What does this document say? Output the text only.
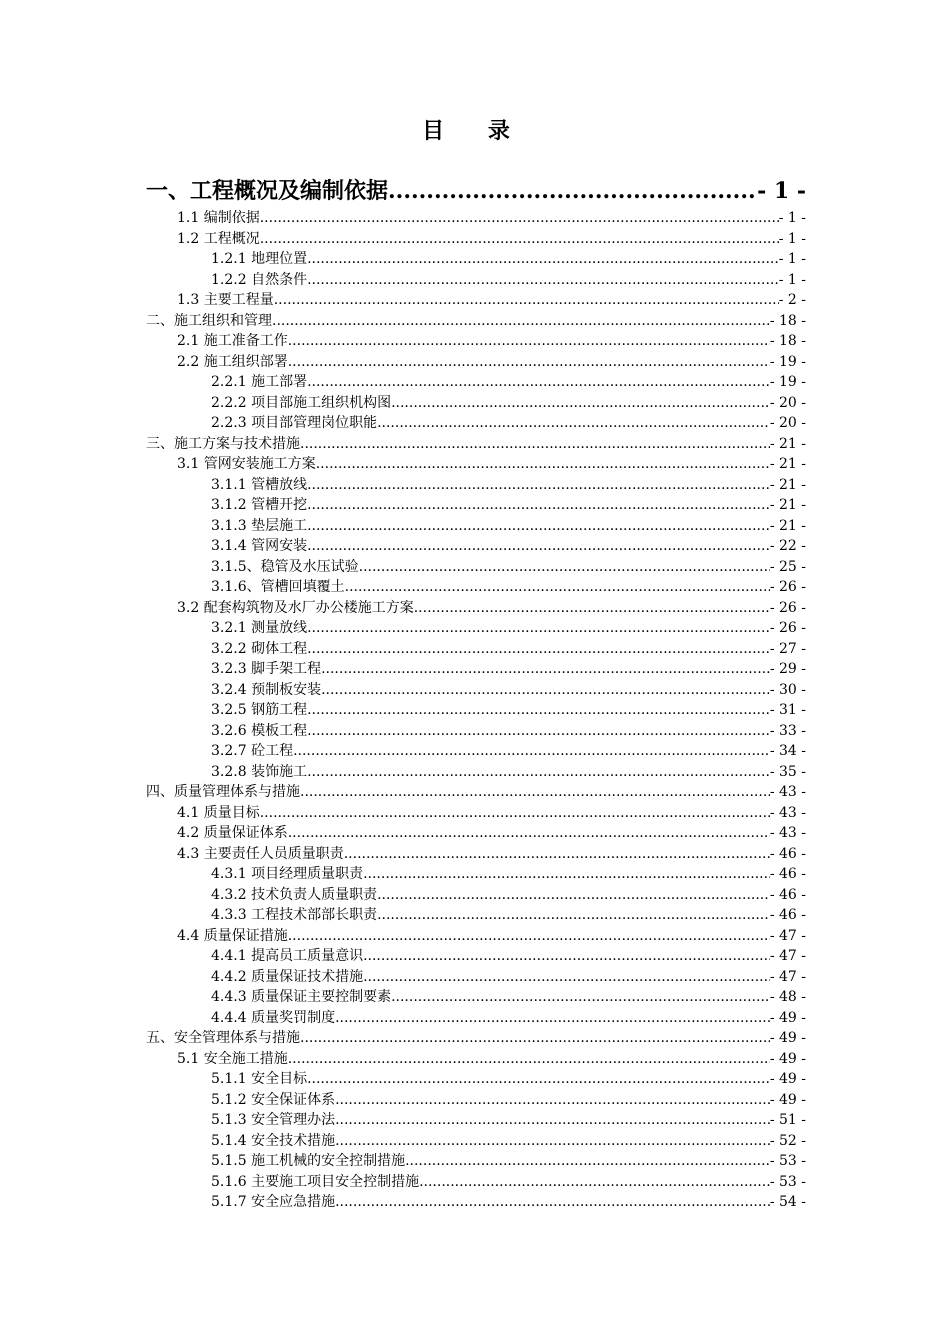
目 录
一、工程概况及编制依据 .....	- 1 -
1.1 编制依据 .....	- 1 -
1.2 工程概况 .....	- 1 -
1.2.1 地理位置 .....	- 1 -
1.2.2 自然条件 .....	- 1 -
1.3 主要工程量 .....	- 2 -
二、施工组织和管理 .....	- 18 -
2.1 施工准备工作 .....	- 18 -
2.2 施工组织部署 .....	- 19 -
2.2.1 施工部署 .....	- 19 -
2.2.2 项目部施工组织机构图 .....	- 20 -
2.2.3 项目部管理岗位职能 .....	- 20 -
三、施工方案与技术措施 .....	- 21 -
3.1 管网安装施工方案 .....	- 21 -
3.1.1 管槽放线 .....	- 21 -
3.1.2 管槽开挖 .....	- 21 -
3.1.3 垫层施工 .....	- 21 -
3.1.4 管网安装 .....	- 22 -
3.1.5、稳管及水压试验 .....	- 25 -
3.1.6、管槽回填覆土 .....	- 26 -
3.2 配套构筑物及水厂办公楼施工方案 .....	- 26 -
3.2.1 测量放线 .....	- 26 -
3.2.2 砌体工程 .....	- 27 -
3.2.3 脚手架工程 .....	- 29 -
3.2.4 预制板安装 .....	- 30 -
3.2.5 钢筋工程 .....	- 31 -
3.2.6 模板工程 .....	- 33 -
3.2.7 砼工程 .....	- 34 -
3.2.8 装饰施工 .....	- 35 -
四、质量管理体系与措施 .....	- 43 -
4.1 质量目标 .....	- 43 -
4.2 质量保证体系 .....	- 43 -
4.3 主要责任人员质量职责 .....	- 46 -
4.3.1 项目经理质量职责 .....	- 46 -
4.3.2 技术负责人质量职责 .....	- 46 -
4.3.3 工程技术部部长职责 .....	- 46 -
4.4 质量保证措施 .....	- 47 -
4.4.1 提高员工质量意识 .....	- 47 -
4.4.2 质量保证技术措施 .....	- 47 -
4.4.3 质量保证主要控制要素 .....	- 48 -
4.4.4 质量奖罚制度 .....	- 49 -
五、安全管理体系与措施 .....	- 49 -
5.1 安全施工措施 .....	- 49 -
5.1.1 安全目标 .....	- 49 -
5.1.2 安全保证体系 .....	- 49 -
5.1.3 安全管理办法 .....	- 51 -
5.1.4 安全技术措施 .....	- 52 -
5.1.5 施工机械的安全控制措施 .....	- 53 -
5.1.6 主要施工项目安全控制措施 .....	- 53 -
5.1.7 安全应急措施 .....	- 54 -
